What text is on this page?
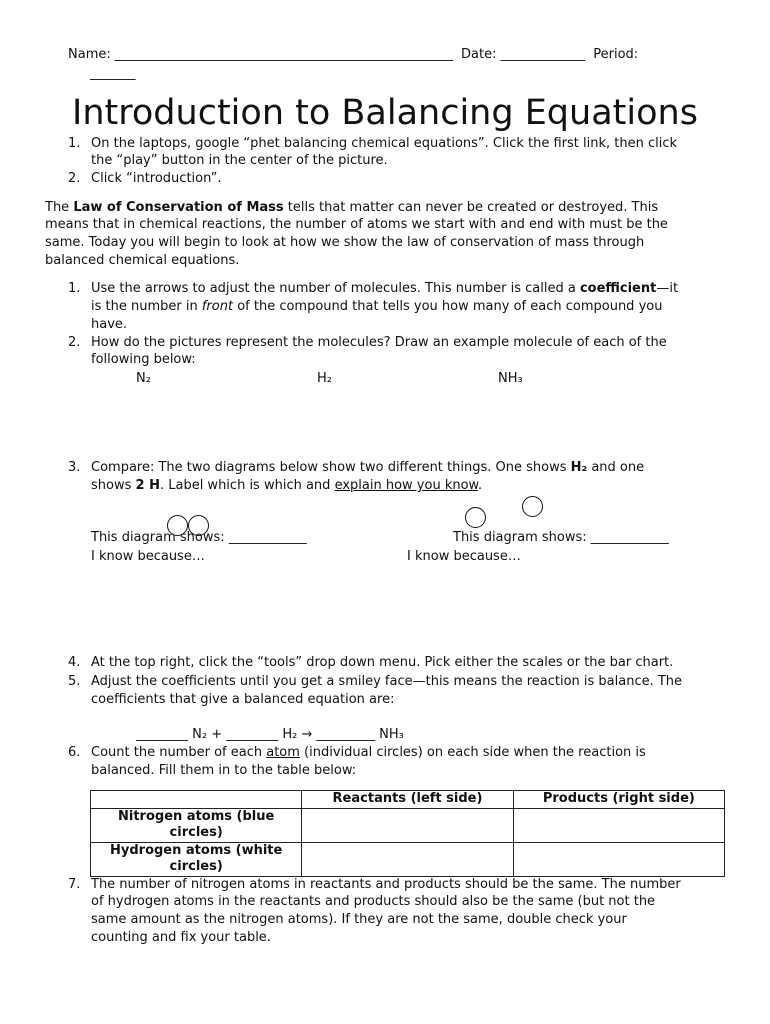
Name: ____________________________________________________ Date: _____________ Period:
_______
Introduction to Balancing Equations
1. On the laptops, google “phet balancing chemical equations”. Click the first link, then click
the “play” button in the center of the picture.
2. Click “introduction”.
The Law of Conservation of Mass tells that matter can never be created or destroyed. This
means that in chemical reactions, the number of atoms we start with and end with must be the
same. Today you will begin to look at how we show the law of conservation of mass through
balanced chemical equations.
1. Use the arrows to adjust the number of molecules. This number is called a coefficient—it
is the number in front of the compound that tells you how many of each compound you
have.
2. How do the pictures represent the molecules? Draw an example molecule of each of the
following below:
N₂	H₂	NH₃
3. Compare: The two diagrams below show two different things. One shows H₂ and one
shows 2 H. Label which is which and explain how you know.
This diagram shows: ____________
I know because…
This diagram shows: ____________
I know because…
4. At the top right, click the “tools” drop down menu. Pick either the scales or the bar chart.
5. Adjust the coefficients until you get a smiley face—this means the reaction is balance. The
coefficients that give a balanced equation are:
________ N₂ + ________ H₂ → _________ NH₃
6. Count the number of each atom (individual circles) on each side when the reaction is
balanced. Fill them in to the table below:
	Reactants (left side)	Products (right side)
Nitrogen atoms (blue circles)		
Hydrogen atoms (white circles)		
7. The number of nitrogen atoms in reactants and products should be the same. The number
of hydrogen atoms in the reactants and products should also be the same (but not the
same amount as the nitrogen atoms). If they are not the same, double check your
counting and fix your table.
